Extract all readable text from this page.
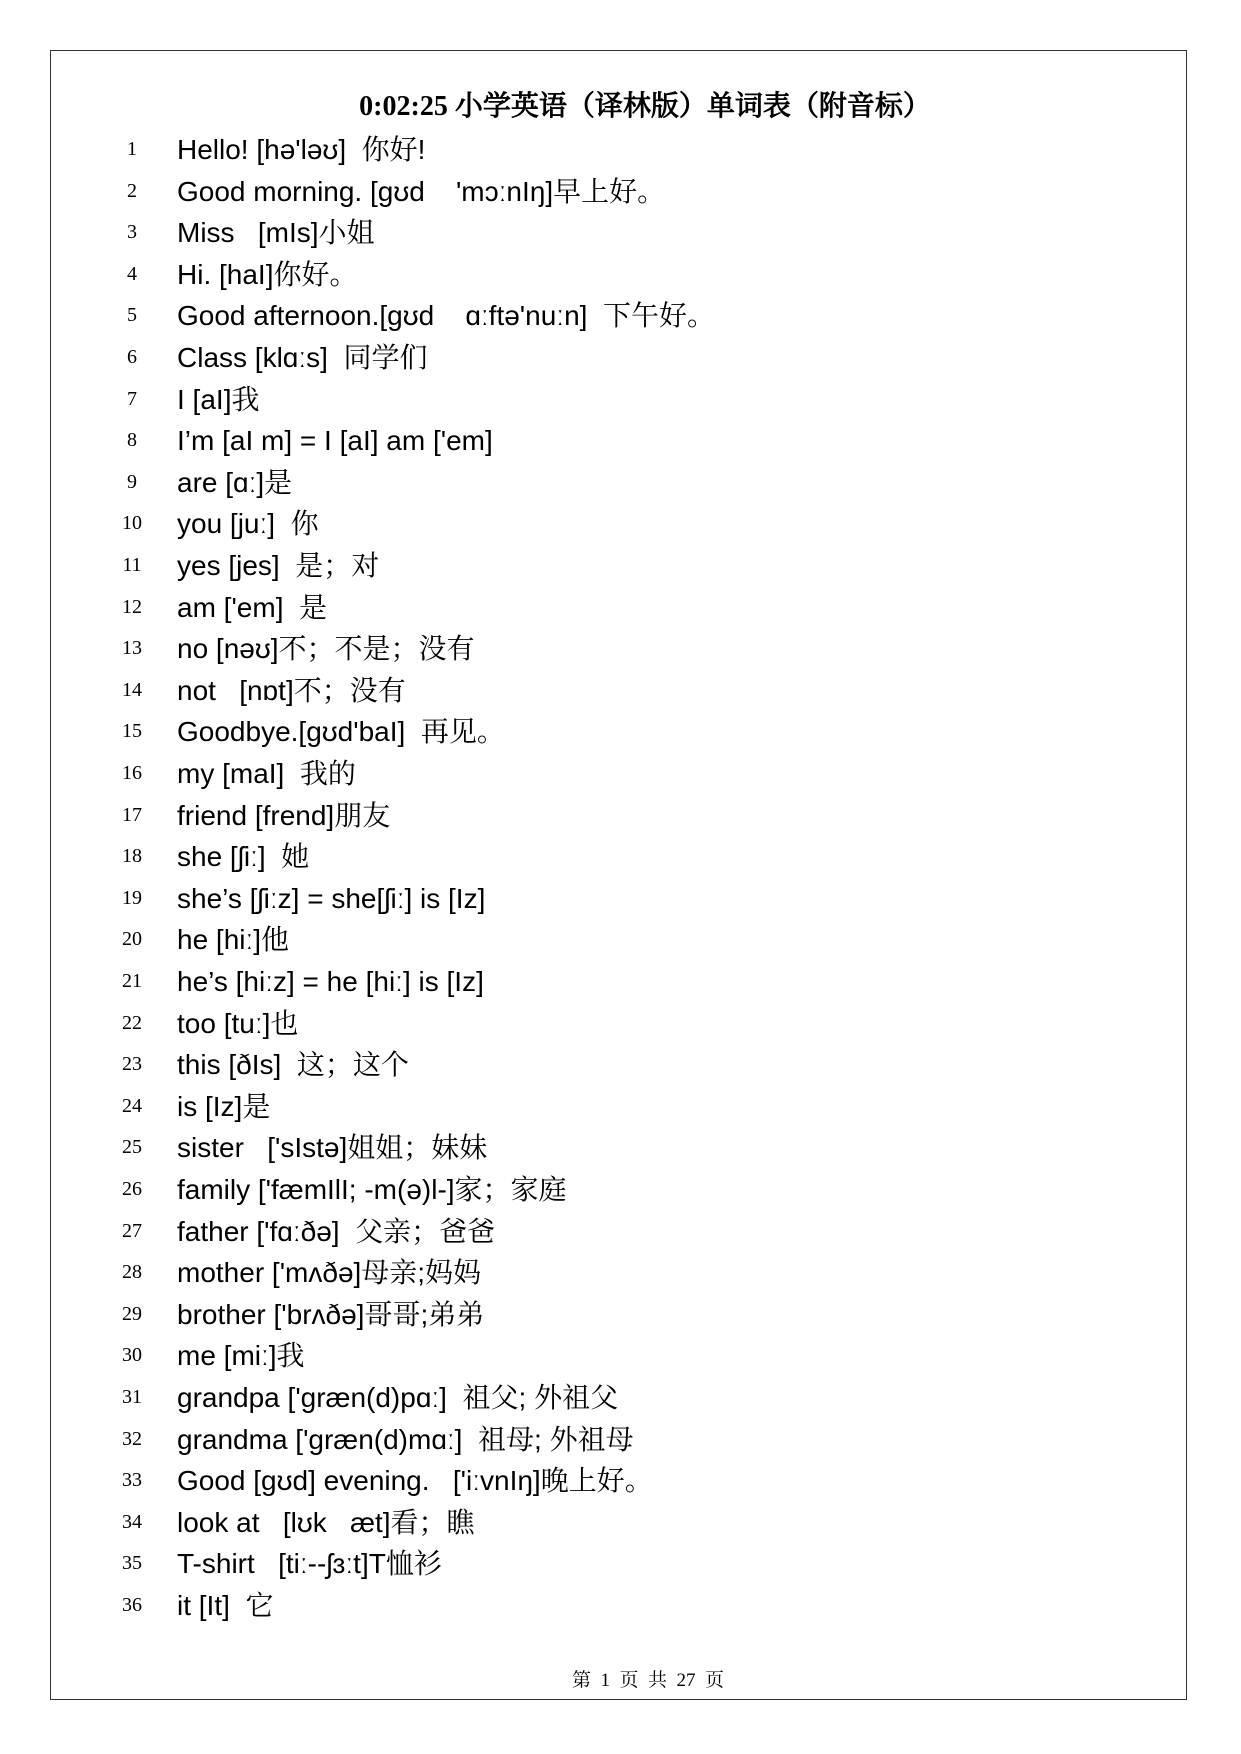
0:02:25 小学英语（译林版）单词表（附音标）
1	Hello! [hə'ləʊ]  你好!
2	Good morning. [gʊd    'mɔːnIŋ]早上好。
3	Miss   [mIs]小姐
4	Hi. [haI]你好。
5	Good afternoon.[gʊd    ɑːftə'nuːn]  下午好。
6	Class [klɑːs]  同学们
7	I [aI]我
8	I’m [aI m] = I [aI] am ['em]
9	are [ɑː]是
10	you [juː]  你
11	yes [jes]  是；对
12	am ['em]  是
13	no [nəʊ]不；不是；没有
14	not   [nɒt]不；没有
15	Goodbye.[gʊd'baI]  再见。
16	my [maI]  我的
17	friend [frend]朋友
18	she [ʃiː]  她
19	she’s [ʃiːz] = she[ʃiː] is [Iz]
20	he [hiː]他
21	he’s [hiːz] = he [hiː] is [Iz]
22	too [tuː]也
23	this [ðIs]  这；这个
24	is [Iz]是
25	sister   ['sIstə]姐姐；妹妹
26	family ['fæmIlI; -m(ə)l-]家；家庭
27	father ['fɑːðə]  父亲；爸爸
28	mother ['mʌðə]母亲;妈妈
29	brother ['brʌðə]哥哥;弟弟
30	me [miː]我
31	grandpa ['græn(d)pɑː]  祖父; 外祖父
32	grandma ['græn(d)mɑː]  祖母; 外祖母
33	Good [gʊd] evening.   ['iːvnIŋ]晚上好。
34	look at   [lʊk   æt]看；瞧
35	T-shirt   [tiː--ʃɜːt]T恤衫
36	it [It]  它
第  1  页  共  27  页
